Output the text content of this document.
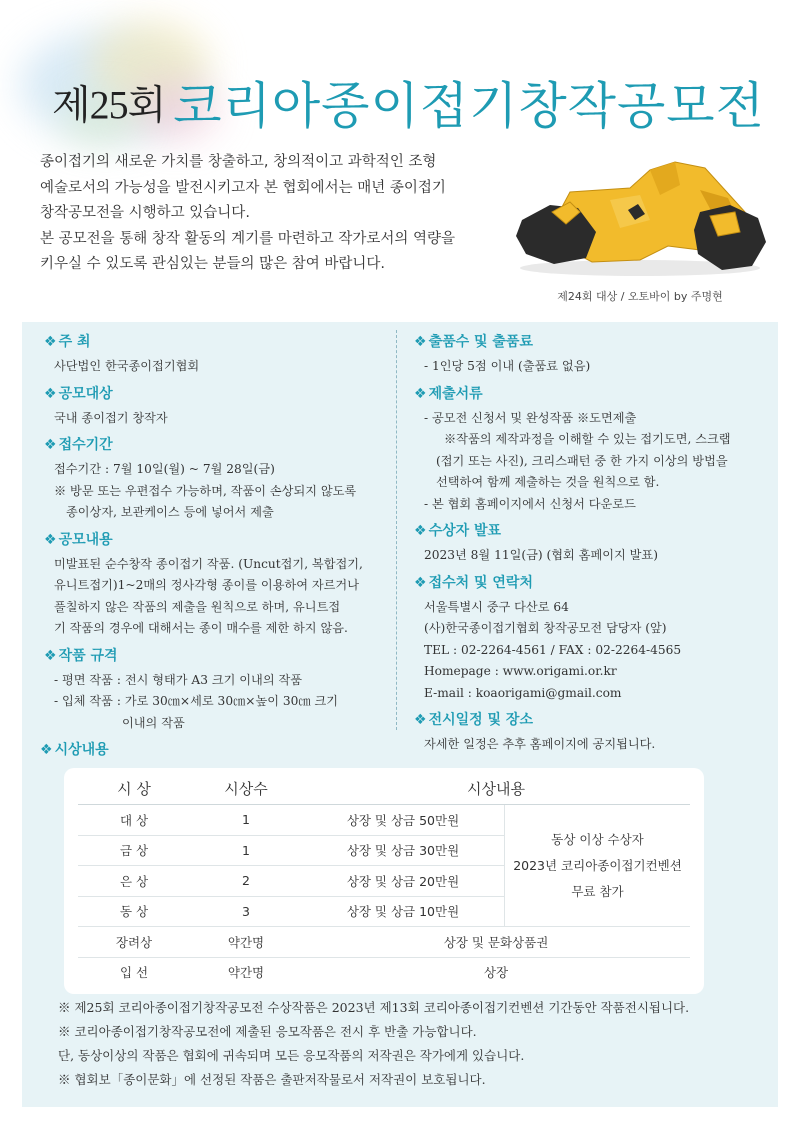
제25회 코리아종이접기창작공모전

종이접기의 새로운 가치를 창출하고, 창의적이고 과학적인 조형

예술로서의 가능성을 발전시키고자 본 협회에서는 매년 종이접기

창작공모전을 시행하고 있습니다.

본 공모전을 통해 창작 활동의 계기를 마련하고 작가로서의 역량을

키우실 수 있도록 관심있는 분들의 많은 참여 바랍니다.

제24회 대상 / 오토바이 by 주명현
❖ 주 최
사단법인 한국종이접기협회
❖ 공모대상
국내 종이접기 창작자
❖ 접수기간
접수기간 : 7월 10일(월) ~ 7월 28일(금)
※ 방문 또는 우편접수 가능하며, 작품이 손상되지 않도록
종이상자, 보관케이스 등에 넣어서 제출
❖ 공모내용
미발표된 순수창작 종이접기 작품. (Uncut접기, 복합접기,
유니트접기)1~2매의 정사각형 종이를 이용하여 자르거나
풀칠하지 않은 작품의 제출을 원칙으로 하며, 유니트접
기 작품의 경우에 대해서는 종이 매수를 제한 하지 않음.
❖ 작품 규격
- 평면 작품 : 전시 형태가 A3 크기 이내의 작품
- 입체 작품 : 가로 30㎝×세로 30㎝×높이 30㎝ 크기
이내의 작품
❖ 출품수 및 출품료
- 1인당 5점 이내 (출품료 없음)
❖ 제출서류
- 공모전 신청서 및 완성작품 ※도면제출
※작품의 제작과정을 이해할 수 있는 접기도면, 스크랩
(접기 또는 사진), 크리스패턴 중 한 가지 이상의 방법을
선택하여 함께 제출하는 것을 원칙으로 함.
- 본 협회 홈페이지에서 신청서 다운로드
❖ 수상자 발표
2023년 8월 11일(금) (협회 홈페이지 발표)
❖ 접수처 및 연락처
서울특별시 중구 다산로 64
(사)한국종이접기협회 창작공모전 담당자 (앞)
TEL : 02-2264-4561 / FAX : 02-2264-4565
Homepage : www.origami.or.kr
E-mail : koaorigami@gmail.com
❖ 전시일정 및 장소
자세한 일정은 추후 홈페이지에 공지됩니다.
❖ 시상내용
시 상	시상수	시상내용	
대 상	1	상장 및 상금 50만원	동상 이상 수상자
2023년 코리아종이접기컨벤션 무료 참가

금 상	1	상장 및 상금 30만원	
은 상	2	상장 및 상금 20만원	
동 상	3	상장 및 상금 10만원	
장려상	약간명	상장 및 문화상품권	
입 선	약간명	상장	
※ 제25회 코리아종이접기창작공모전 수상작품은 2023년 제13회 코리아종이접기컨벤션 기간동안 작품전시됩니다.
※ 코리아종이접기창작공모전에 제출된 응모작품은 전시 후 반출 가능합니다.
단, 동상이상의 작품은 협회에 귀속되며 모든 응모작품의 저작권은 작가에게 있습니다.
※ 협회보「종이문화」에 선정된 작품은 출판저작물로서 저작권이 보호됩니다.
